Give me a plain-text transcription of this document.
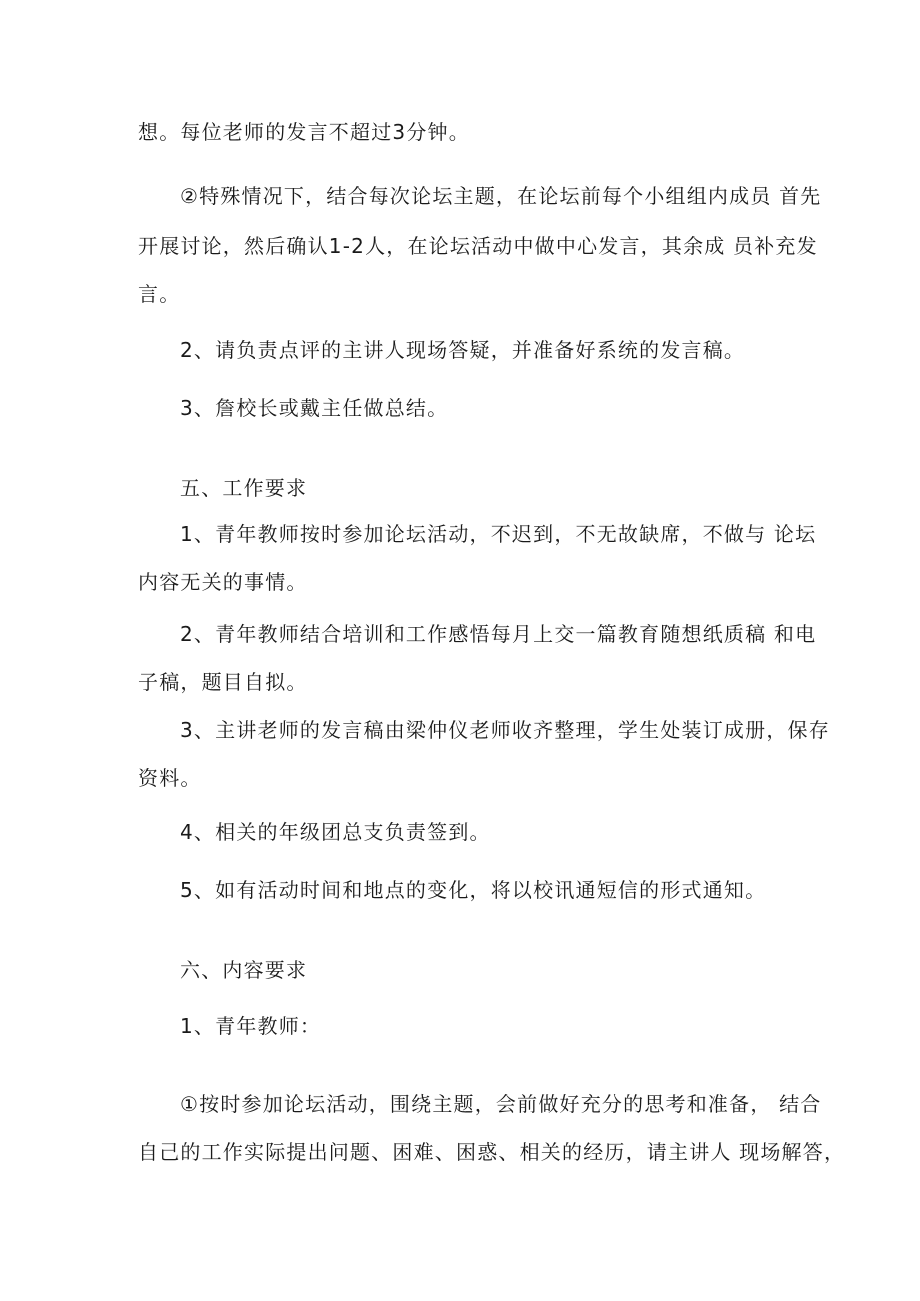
想。每位老师的发言不超过3分钟。
②特殊情况下，结合每次论坛主题，在论坛前每个小组组内成员 首先
开展讨论，然后确认1-2人，在论坛活动中做中心发言，其余成 员补充发
言。
2、请负责点评的主讲人现场答疑，并准备好系统的发言稿。
3、詹校长或戴主任做总结。
五、工作要求
1、青年教师按时参加论坛活动，不迟到，不无故缺席，不做与 论坛
内容无关的事情。
2、青年教师结合培训和工作感悟每月上交一篇教育随想纸质稿 和电
子稿，题目自拟。
3、主讲老师的发言稿由梁仲仪老师收齐整理，学生处装订成册，保存
资料。
4、相关的年级团总支负责签到。
5、如有活动时间和地点的变化，将以校讯通短信的形式通知。
六、内容要求
1、青年教师：
①按时参加论坛活动，围绕主题，会前做好充分的思考和准备， 结合
自己的工作实际提出问题、困难、困惑、相关的经历，请主讲人 现场解答，
